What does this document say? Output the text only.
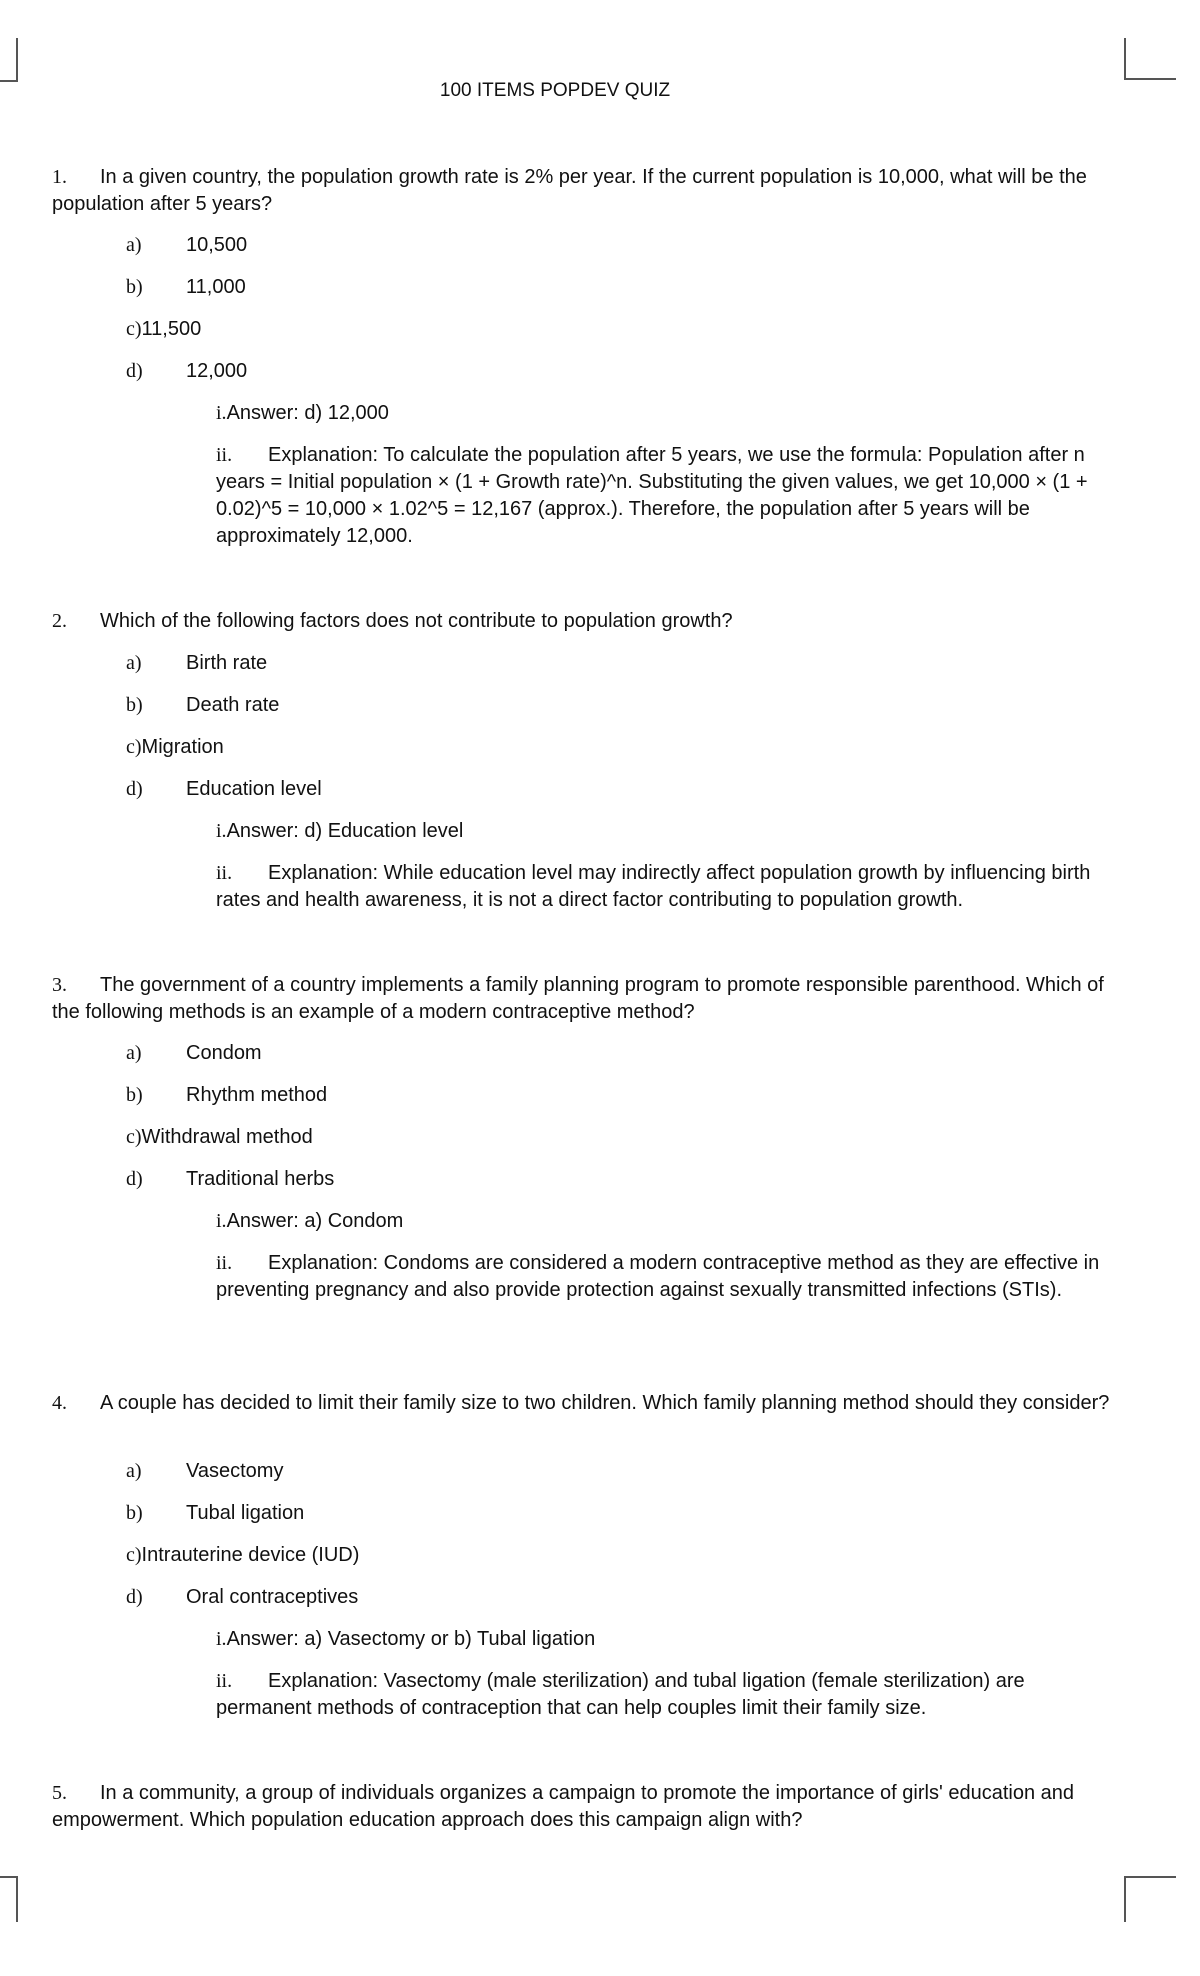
100 ITEMS POPDEV QUIZ
1. In a given country, the population growth rate is 2% per year. If the current population is 10,000, what will be the population after 5 years?
a) 10,500
b) 11,000
c)11,500
d) 12,000
i.Answer: d) 12,000
ii. Explanation: To calculate the population after 5 years, we use the formula: Population after n years = Initial population × (1 + Growth rate)^n. Substituting the given values, we get 10,000 × (1 + 0.02)^5 = 10,000 × 1.02^5 = 12,167 (approx.). Therefore, the population after 5 years will be approximately 12,000.
2. Which of the following factors does not contribute to population growth?
a) Birth rate
b) Death rate
c)Migration
d) Education level
i.Answer: d) Education level
ii. Explanation: While education level may indirectly affect population growth by influencing birth rates and health awareness, it is not a direct factor contributing to population growth.
3. The government of a country implements a family planning program to promote responsible parenthood. Which of the following methods is an example of a modern contraceptive method?
a) Condom
b) Rhythm method
c)Withdrawal method
d) Traditional herbs
i.Answer: a) Condom
ii. Explanation: Condoms are considered a modern contraceptive method as they are effective in preventing pregnancy and also provide protection against sexually transmitted infections (STIs).
4. A couple has decided to limit their family size to two children. Which family planning method should they consider?
a) Vasectomy
b) Tubal ligation
c)Intrauterine device (IUD)
d) Oral contraceptives
i.Answer: a) Vasectomy or b) Tubal ligation
ii. Explanation: Vasectomy (male sterilization) and tubal ligation (female sterilization) are permanent methods of contraception that can help couples limit their family size.
5. In a community, a group of individuals organizes a campaign to promote the importance of girls' education and empowerment. Which population education approach does this campaign align with?
